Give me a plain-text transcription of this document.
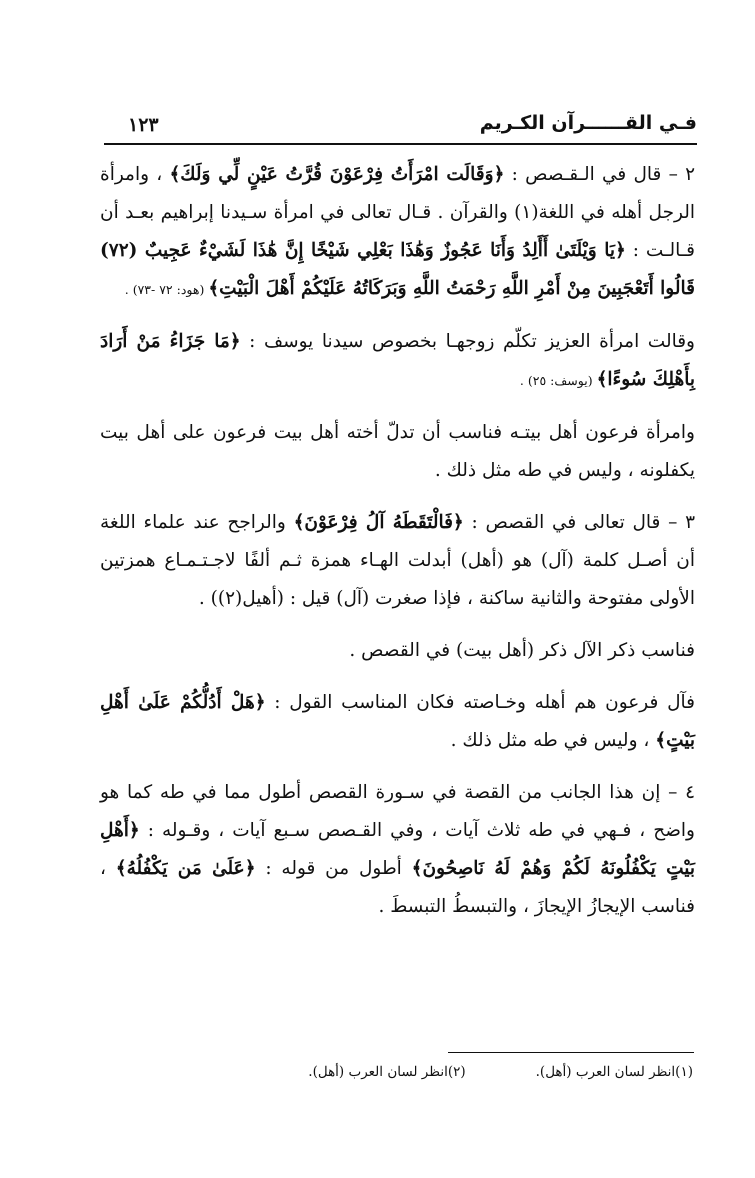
فـي القــــــرآن الكـريم
١٢٣

٢ – قال في الـقـصص : ﴿وَقَالَت امْرَأَتُ فِرْعَوْنَ قُرَّتُ عَيْنٍ لِّي وَلَكَ﴾ ، وامرأة الرجل أهله في اللغة(١) والقرآن . قـال تعالى في امرأة سـيدنا إبراهيم بعـد أن قـالـت : ﴿يَا وَيْلَتَىٰ أَأَلِدُ وَأَنَا عَجُوزٌ وَهَٰذَا بَعْلِي شَيْخًا إِنَّ هَٰذَا لَشَيْءٌ عَجِيبٌ (٧٢) قَالُوا أَتَعْجَبِينَ مِنْ أَمْرِ اللَّهِ رَحْمَتُ اللَّهِ وَبَرَكَاتُهُ عَلَيْكُمْ أَهْلَ الْبَيْتِ﴾ (هود: ٧٢ -٧٣) .

وقالت امرأة العزيز تكلّم زوجهـا بخصوص سيدنا يوسف : ﴿مَا جَزَاءُ مَنْ أَرَادَ بِأَهْلِكَ سُوءًا﴾ (يوسف: ٢٥) .

وامرأة فرعون أهل بيتـه فناسب أن تدلّ أخته أهل بيت فرعون على أهل بيت يكفلونه ، وليس في طه مثل ذلك .

٣ – قال تعالى في القصص : ﴿فَالْتَقَطَهُ آلُ فِرْعَوْنَ﴾ والراجح عند علماء اللغة أن أصـل كلمة (آل) هو (أهل) أبدلت الهـاء همزة ثـم ألفًا لاجـتـمـاع همزتين الأولى مفتوحة والثانية ساكنة ، فإذا صغرت (آل) قيل : (أهيل(٢)) .

فناسب ذكر الآل ذكر (أهل بيت) في القصص .

فآل فرعون هم أهله وخـاصته فكان المناسب القول : ﴿هَلْ أَدُلُّكُمْ عَلَىٰ أَهْلِ بَيْتٍ﴾ ، وليس في طه مثل ذلك .

٤ – إن هذا الجانب من القصة في سـورة القصص أطول مما في طه كما هو واضح ، فـهي في طه ثلاث آيات ، وفي القـصص سـبع آيات ، وقـوله : ﴿أَهْلِ بَيْتٍ يَكْفُلُونَهُ لَكُمْ وَهُمْ لَهُ نَاصِحُونَ﴾ أطول من قوله : ﴿عَلَىٰ مَن يَكْفُلُهُ﴾ ، فناسب الإيجازُ الإيجازَ ، والتبسطُ التبسطَ .

(١)انظر لسان العرب (أهل).
(٢)انظر لسان العرب (أهل).
